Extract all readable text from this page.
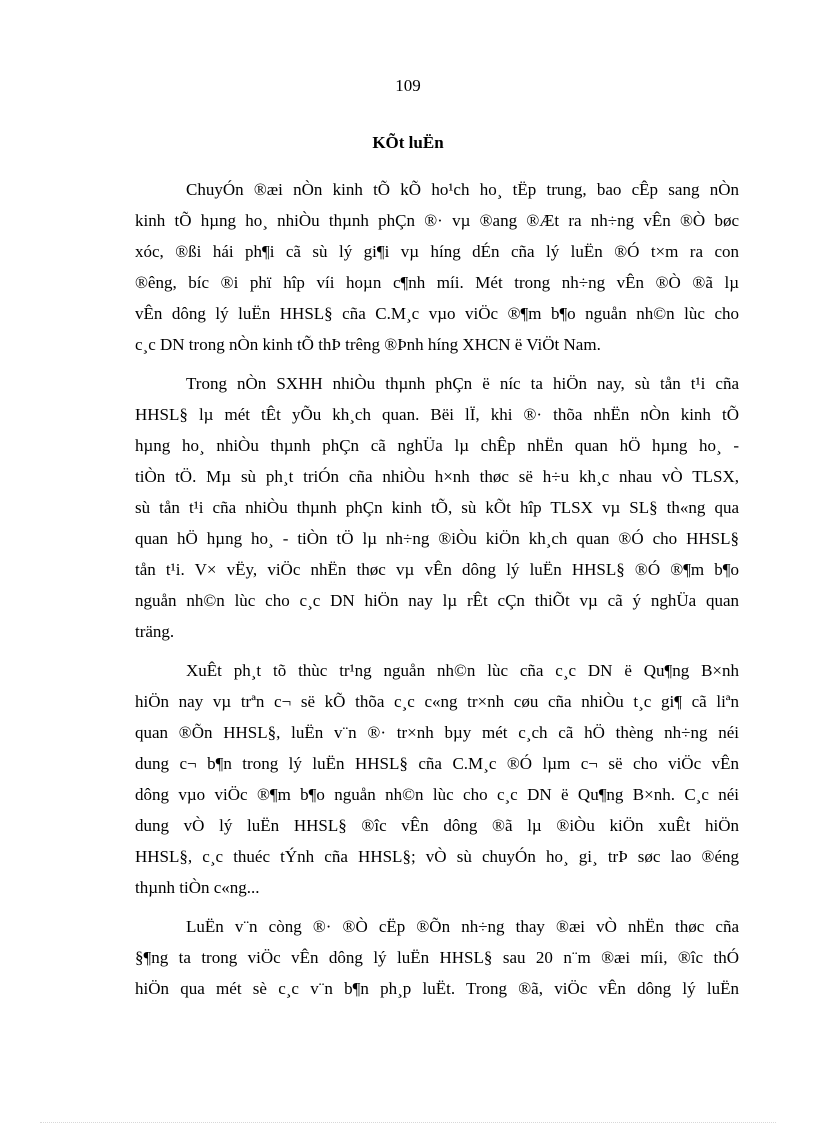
109
KÕt luËn
ChuyÓn ®æi nÒn kinh tÕ kÕ ho¹ch ho¸ tËp trung, bao cÊp sang nÒn
kinh tÕ hµng ho¸ nhiÒu thµnh phÇn ®· vµ ®ang ®Æt ra nh÷ng vÊn ®Ò bøc
xóc, ®ßi hái ph¶i cã sù lý gi¶i vµ híng dÉn cña lý luËn ®Ó t×m ra con
®êng, bíc ®i phï hîp víi hoµn c¶nh míi. Mét trong nh÷ng vÊn ®Ò ®ã lµ
vÊn dông lý luËn HHSL§ cña C.M¸c vµo viÖc ®¶m b¶o nguån nh©n lùc cho
c¸c DN trong nÒn kinh tÕ thÞ trêng ®Þnh híng XHCN ë ViÖt Nam.
Trong nÒn SXHH nhiÒu thµnh phÇn ë níc ta hiÖn nay, sù tån t¹i cña
HHSL§ lµ mét tÊt yÕu kh¸ch quan. Bëi lÏ, khi ®· thõa nhËn nÒn kinh tÕ
hµng ho¸ nhiÒu thµnh phÇn cã nghÜa lµ chÊp nhËn quan hÖ hµng ho¸ -
tiÒn tÖ. Mµ sù ph¸t triÓn cña nhiÒu h×nh thøc së h÷u kh¸c nhau vÒ TLSX,
sù tån t¹i cña nhiÒu thµnh phÇn kinh tÕ, sù kÕt hîp TLSX vµ SL§ th«ng qua
quan hÖ hµng ho¸ - tiÒn tÖ lµ nh÷ng ®iÒu kiÖn kh¸ch quan ®Ó cho HHSL§
tån t¹i. V× vËy, viÖc nhËn thøc vµ vÊn dông lý luËn HHSL§ ®Ó ®¶m b¶o
nguån nh©n lùc cho c¸c DN hiÖn nay lµ rÊt cÇn thiÕt vµ cã ý nghÜa quan
träng.
XuÊt ph¸t tõ thùc tr¹ng nguån nh©n lùc cña c¸c DN ë Qu¶ng B×nh
hiÖn nay vµ trªn c¬ së kÕ thõa c¸c c«ng tr×nh cøu cña nhiÒu t¸c gi¶ cã liªn
quan ®Õn HHSL§, luËn v¨n ®· tr×nh bµy mét c¸ch cã hÖ thèng nh÷ng néi
dung c¬ b¶n trong lý luËn HHSL§ cña C.M¸c ®Ó lµm c¬ së cho viÖc vÊn
dông vµo viÖc ®¶m b¶o nguån nh©n lùc cho c¸c DN ë Qu¶ng B×nh. C¸c néi
dung vÒ lý luËn HHSL§ ®îc vÊn dông ®ã lµ ®iÒu kiÖn xuÊt hiÖn
HHSL§, c¸c thuéc tÝnh cña HHSL§; vÒ sù chuyÓn ho¸ gi¸ trÞ søc lao ®éng
thµnh tiÒn c«ng...
LuËn v¨n còng ®· ®Ò cËp ®Õn nh÷ng thay ®æi vÒ nhËn thøc cña
§¶ng ta trong viÖc vÊn dông lý luËn HHSL§ sau 20 n¨m ®æi míi, ®îc thÓ
hiÖn qua mét sè c¸c v¨n b¶n ph¸p luËt. Trong ®ã, viÖc vÊn dông lý luËn
